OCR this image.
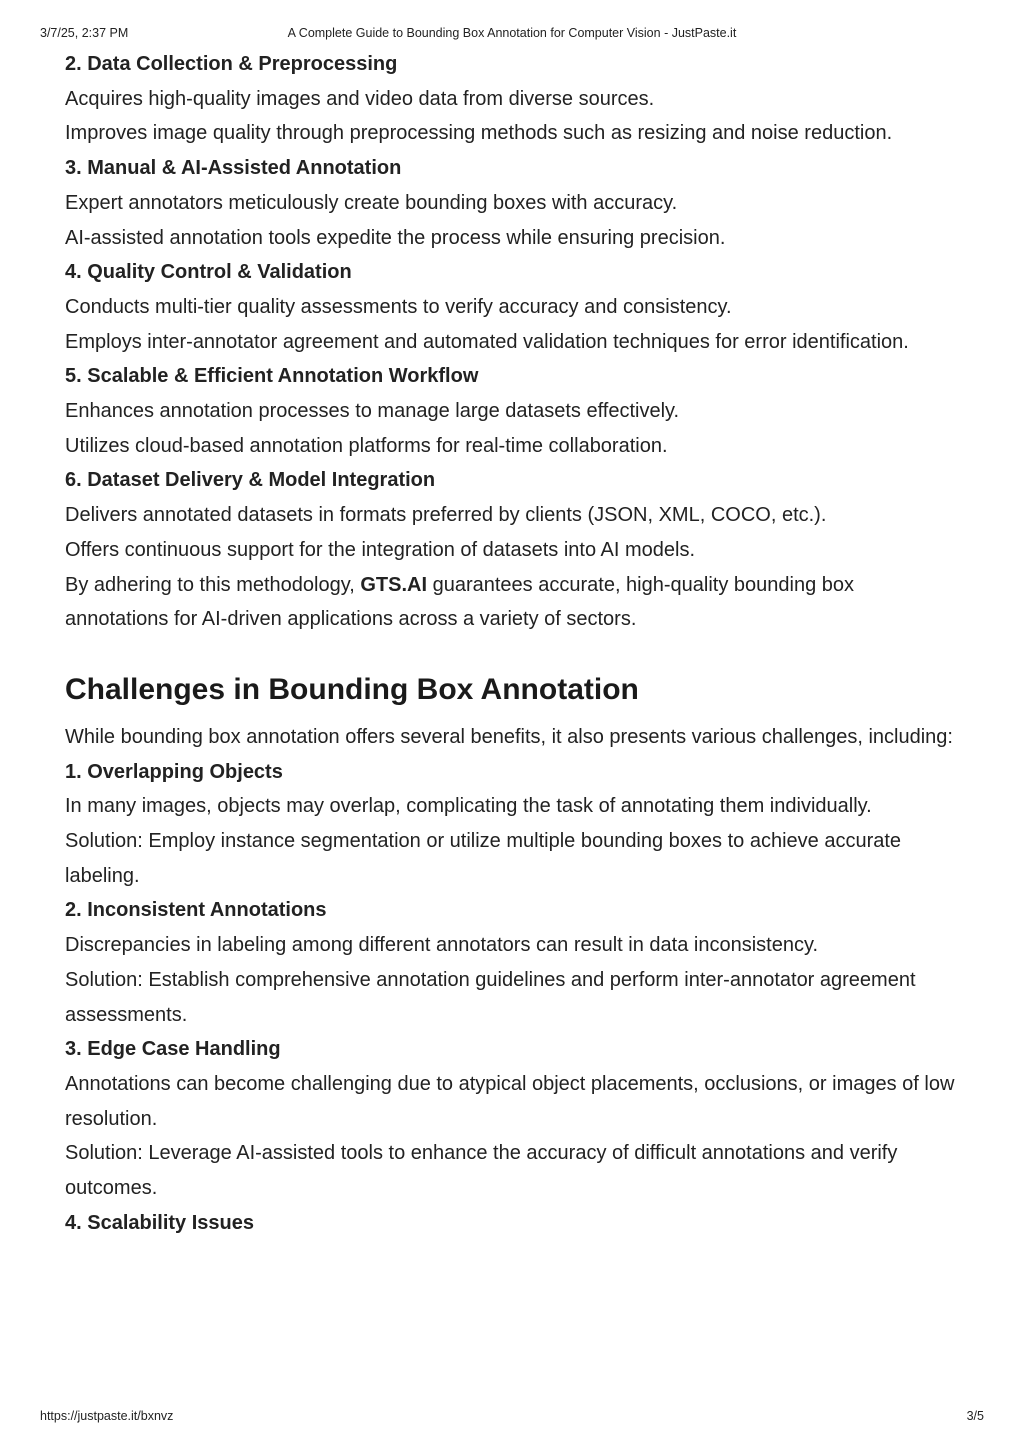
3/7/25, 2:37 PM	A Complete Guide to Bounding Box Annotation for Computer Vision - JustPaste.it

2. Data Collection & Preprocessing

Acquires high-quality images and video data from diverse sources.

Improves image quality through preprocessing methods such as resizing and noise reduction.

3. Manual & AI-Assisted Annotation

Expert annotators meticulously create bounding boxes with accuracy.

AI-assisted annotation tools expedite the process while ensuring precision.

4. Quality Control & Validation

Conducts multi-tier quality assessments to verify accuracy and consistency.

Employs inter-annotator agreement and automated validation techniques for error identification.

5. Scalable & Efficient Annotation Workflow

Enhances annotation processes to manage large datasets effectively.

Utilizes cloud-based annotation platforms for real-time collaboration.

6. Dataset Delivery & Model Integration

Delivers annotated datasets in formats preferred by clients (JSON, XML, COCO, etc.).

Offers continuous support for the integration of datasets into AI models.

By adhering to this methodology, GTS.AI guarantees accurate, high-quality bounding box annotations for AI-driven applications across a variety of sectors.

Challenges in Bounding Box Annotation

While bounding box annotation offers several benefits, it also presents various challenges, including:

1. Overlapping Objects

In many images, objects may overlap, complicating the task of annotating them individually.

Solution: Employ instance segmentation or utilize multiple bounding boxes to achieve accurate labeling.

2. Inconsistent Annotations

Discrepancies in labeling among different annotators can result in data inconsistency.

Solution: Establish comprehensive annotation guidelines and perform inter-annotator agreement assessments.

3. Edge Case Handling

Annotations can become challenging due to atypical object placements, occlusions, or images of low resolution.

Solution: Leverage AI-assisted tools to enhance the accuracy of difficult annotations and verify outcomes.

4. Scalability Issues

https://justpaste.it/bxnvz	3/5
